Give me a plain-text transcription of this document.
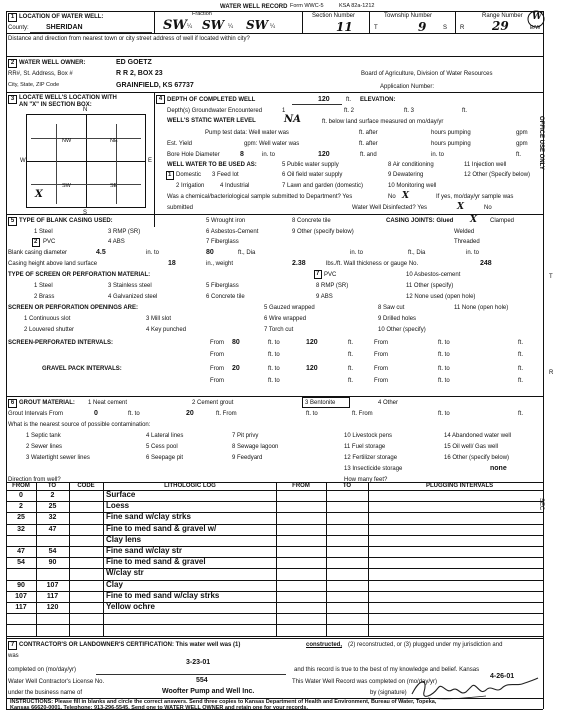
WATER WELL RECORD Form WWC-5	KSA 82a-1212
1 LOCATION OF WATER WELL:
County: SHERIDAN
Fraction
SW ¼ SW ¼ SW ¼
Section Number
11
Township Number
T	9	S
Range Number
R 29	E/W
W
Distance and direction from nearest town or city street address of well if located within city?
2 WATER WELL OWNER:	ED GOETZ
RR#, St. Address, Box #	R R 2, BOX 23
City, State, ZIP Code	GRAINFIELD, KS 67737
Board of Agriculture, Division of Water Resources
Application Number:
3 LOCATE WELL'S LOCATION WITH
AN "X" IN SECTION BOX:
N
S
E
W
NW	NE
SW	SE
X
4 DEPTH OF COMPLETED WELL	120	ft. ELEVATION:
Depth(s) Groundwater Encountered	1	ft. 2	ft. 3	ft.
WELL'S STATIC WATER LEVEL	NA	ft. below land surface measured on mo/day/yr
Pump test data: Well water was	ft. after	hours pumping	gpm
Est. Yield	gpm: Well water was	ft. after	hours pumping	gpm
Bore Hole Diameter	8	in. to	120	ft. and	in. to	ft.
WELL WATER TO BE USED AS:	5 Public water supply	8 Air conditioning	11 Injection well
1 Domestic 3 Feed lot	6 Oil field water supply	9 Dewatering	12 Other (Specify below)
2 Irrigation	4 Industrial	7 Lawn and garden (domestic)	10 Monitoring well
Was a chemical/bacteriological sample submitted to Department? Yes	No X	If yes, mo/day/yr sample was
submitted	Water Well Disinfected? Yes	X	No
5 TYPE OF BLANK CASING USED:	5 Wrought iron	8 Concrete tile	CASING JOINTS: Glued X Clamped
1 Steel	3 RMP (SR)	6 Asbestos-Cement	9 Other (specify below)	Welded
2 PVC	4 ABS	7 Fiberglass	Threaded
Blank casing diameter	4.5	in. to	80	ft., Dia	in. to	ft., Dia	in. to
Casing height above land surface	18	in., weight	2.38	lbs./ft. Wall thickness or gauge No.	248
TYPE OF SCREEN OR PERFORATION MATERIAL:	7 PVC	10 Asbestos-cement
1 Steel	3 Stainless steel	5 Fiberglass	8 RMP (SR)	11 Other (specify)
2 Brass	4 Galvanized steel	6 Concrete tile	9 ABS	12 None used (open hole)
SCREEN OR PERFORATION OPENINGS ARE:	5 Gauzed wrapped	8 Saw cut	11 None (open hole)
1 Continuous slot	3 Mill slot	6 Wire wrapped	9 Drilled holes
2 Louvered shutter	4 Key punched	7 Torch cut	10 Other (specify)
SCREEN-PERFORATED INTERVALS:	From 80	ft. to	120	ft.	From	ft. to	ft.
From	ft. to	ft.	From	ft. to	ft.
GRAVEL PACK INTERVALS:	From 20	ft. to	120	ft.	From	ft. to	ft.
From	ft. to	ft.	From	ft. to	ft.
6 GROUT MATERIAL: 1 Neat cement	2 Cement grout	3 Bentonite	4 Other
Grout Intervals From	0	ft. to	20	ft. From	ft. to	ft. From	ft. to	ft.
What is the nearest source of possible contamination:
1 Septic tank	4 Lateral lines	7 Pit privy	10 Livestock pens	14 Abandoned water well
2 Sewer lines	5 Cess pool	8 Sewage lagoon	11 Fuel storage	15 Oil well/ Gas well
3 Watertight sewer lines	6 Seepage pit	9 Feedyard	12 Fertilizer storage	16 Other (specify below)
13 Insecticide storage	none
Direction from well?	How many feet?
FROM	TO	CODE	LITHOLOGIC LOG	FROM	TO	PLUGGING INTERVALS
0	2	Surface
2	25	Loess
25	32	Fine sand w/clay strks
32	47	Fine to med sand & gravel w/
Clay lens
47	54	Fine sand w/clay str
54	90	Fine to med sand & gravel
W/clay str
90	107	Clay
107	117	Fine to med sand w/clay strks
117	120	Yellow ochre
7 CONTRACTOR'S OR LANDOWNER'S CERTIFICATION: This water well was (1)	constructed, (2) reconstructed, or (3) plugged under my jurisdiction and
was
3-23-01
completed on (mo/day/yr)	and this record is true to the best of my knowledge and belief. Kansas
Water Well Contractor's License No.	554	This Water Well Record was completed on (mo/day/yr)
4-26-01
under the business name of	Woofter Pump and Well Inc.	by (signature)
INSTRUCTIONS: Please fill in blanks and circle the correct answers. Send three copies to Kansas Department of Health and Environment, Bureau of Water, Topeka,
Kansas 66620-0001. Telephone: 913-296-5545. Send one to WATER WELL OWNER and retain one for your records.
OFFICE USE ONLY
T
R
SEC
